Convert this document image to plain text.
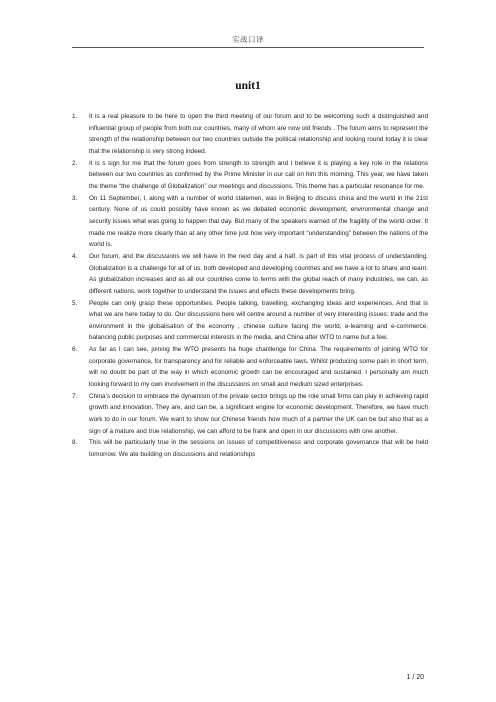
实战口译
unit1
1.	It is a real pleasure to be here to open the third meeting of our forum and to be welcoming such a distinguished and influential group of people from both our countries, many of whom are now old friends . The forum aims to represent the strength of the relationship between our two countries outside the political relationship and looking round today it is clear that the relationship is very strong indeed.
2.	It is s sign for me that the forum goes from strength to strength and I believe it is playing a key role in the relations between our two countries as confirmed by the Prime Minister in our call on him this morning. This year, we have taken the theme “the challenge of Globalization” our meetings and discussions. This theme has a particular resonance for me.
3.	On 11 September, I, along with a number of world statemen, was in Beijing to discuss china and the world in the 21st century. None of us could possibly have known as we debated economic development, environmental change and security issues what was going to happen that day. But many of the speakers warned of the fragility of the world order. It made me realize more clearly than at any other time just how very important “understanding” between the nations of the world is.
4.	Our forum, and the discussions we will have in the next day and a half, is part of this vital process of understanding. Globalization is a challenge for all of us, both developed and developing countries and we have a lot to share and learn. As globalization increases and as all our countries come to terms with the global reach of many industries, we can, as different nations, work together to understand the issues and effects these developments bring.
5.	People can only grasp these opportunities. People talking, travelling, exchanging ideas and experiences. And that is what we are here today to do. Our discussions here will centre around a number of very interesting issues: trade and the environment in the globalisation of the economy , chinese culture facing the world, e-learning and e-commerce, balancing public purposes and commercial interests in the media, and China after WTO to name but a few.
6.	As far as I can see, joining the WTO presents ha huge chanllenge for China. The requirements of joining WTO for corporate governance, for transparency and for reliable and enforceable laws. Whilst producing some pain in short term, will no doubt be part of the way in which economic growth can be encouraged and sustained. I personally am much looking forward to my own involvement in the discussions on small and medium sized enterprises.
7.	China’s decision to embrace the dynamism of the private sector brings up the role small firms can play in achieving rapid growth and innovation. They are, and can be, a significant engine for economic development. Therefore, we have much work to do in our forum. We want to show our Chinese friends how much of a partner the UK can be but also that as a sign of a mature and true relationship, we can afford to be frank and open in our discussions with one another.
8.	This will be particularly true in the sessions on issues of competitiveness and corporate governance that will be held tomorrow. We ate building on discussions and relationships
1 / 20
